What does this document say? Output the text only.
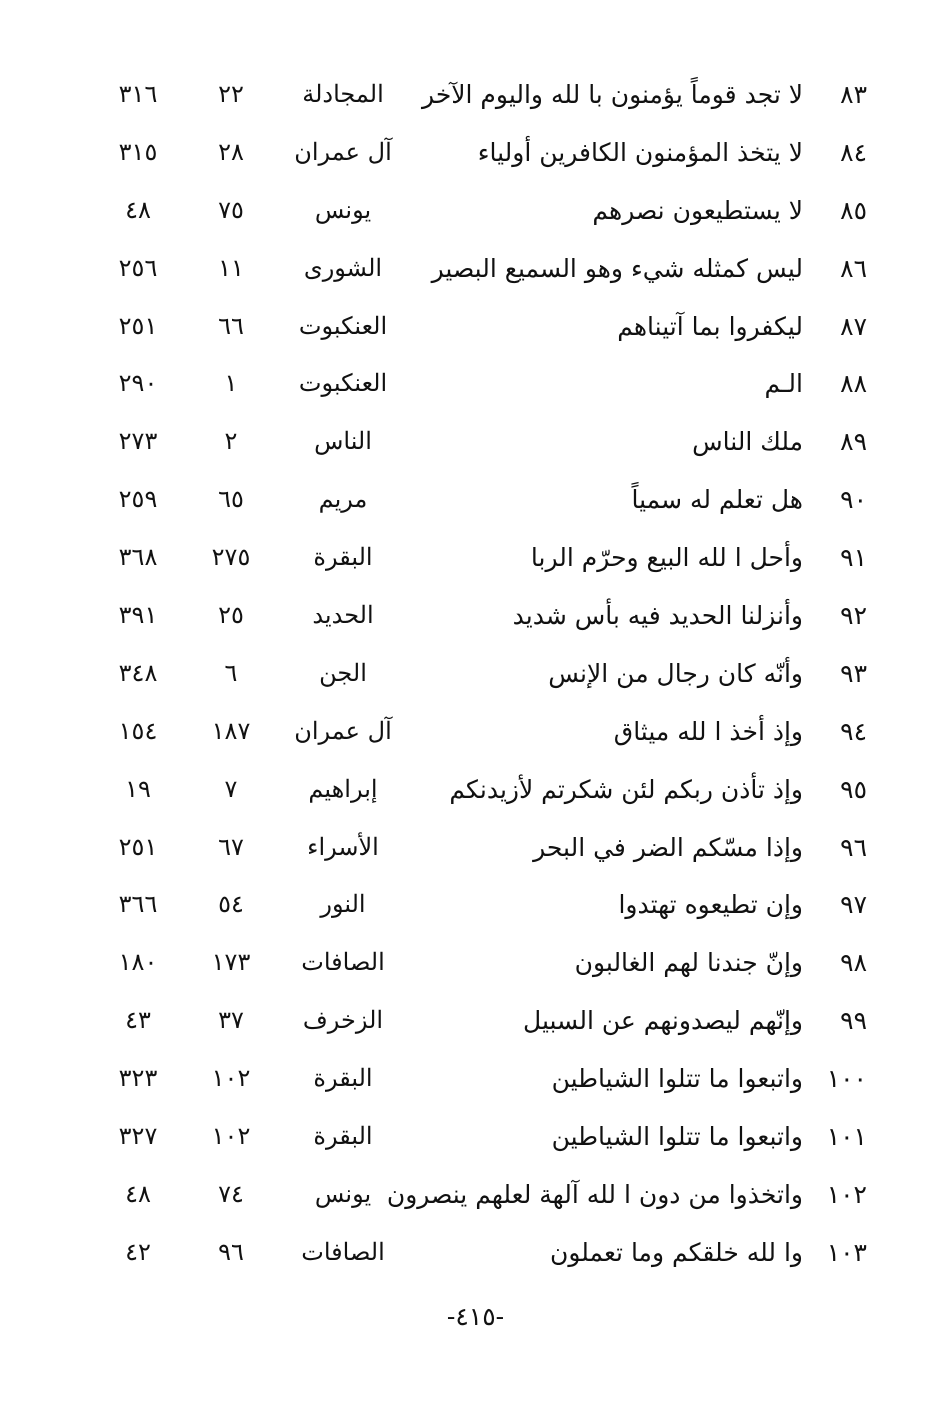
٨٣
لا تجد قوماً يؤمنون با لله واليوم الآخر
المجادلة
٢٢
٣١٦
٨٤
لا يتخذ المؤمنون الكافرين أولياء
آل عمران
٢٨
٣١٥
٨٥
لا يستطيعون نصرهم
يونس
٧٥
٤٨
٨٦
ليس كمثله شيء وهو السميع البصير
الشورى
١١
٢٥٦
٨٧
ليكفروا بما آتيناهم
العنكبوت
٦٦
٢٥١
٨٨
الـم
العنكبوت
١
٢٩٠
٨٩
ملك الناس
الناس
٢
٢٧٣
٩٠
هل تعلم له سمياً
مريم
٦٥
٢٥٩
٩١
وأحل ا لله البيع وحرّم الربا
البقرة
٢٧٥
٣٦٨
٩٢
وأنزلنا الحديد فيه بأس شديد
الحديد
٢٥
٣٩١
٩٣
وأنّه كان رجال من الإنس
الجن
٦
٣٤٨
٩٤
وإذ أخذ ا لله ميثاق
آل عمران
١٨٧
١٥٤
٩٥
وإذ تأذن ربكم لئن شكرتم لأزيدنكم
إبراهيم
٧
١٩
٩٦
وإذا مسّكم الضر في البحر
الأسراء
٦٧
٢٥١
٩٧
وإن تطيعوه تهتدوا
النور
٥٤
٣٦٦
٩٨
وإنّ جندنا لهم الغالبون
الصافات
١٧٣
١٨٠
٩٩
وإنّهم ليصدونهم عن السبيل
الزخرف
٣٧
٤٣
١٠٠
واتبعوا ما تتلوا الشياطين
البقرة
١٠٢
٣٢٣
١٠١
واتبعوا ما تتلوا الشياطين
البقرة
١٠٢
٣٢٧
١٠٢
واتخذوا من دون ا لله آلهة لعلهم ينصرون
يونس
٧٤
٤٨
١٠٣
وا لله خلقكم وما تعملون
الصافات
٩٦
٤٢
-٤١٥-
